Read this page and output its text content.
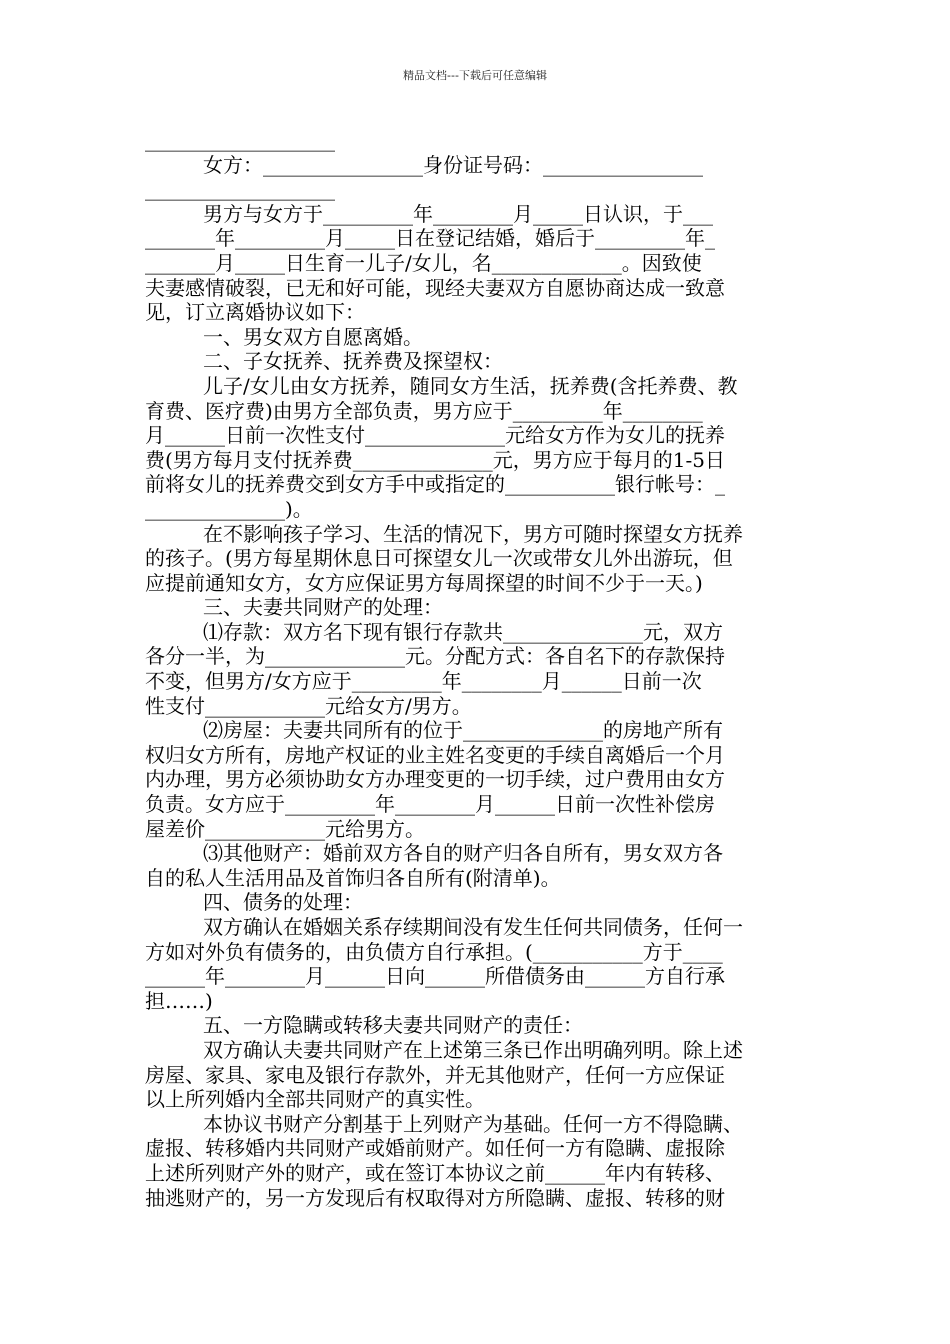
精品文档---下载后可任意编辑
___________________
女方：________________身份证号码：________________
___________________
男方与女方于_________年________月_____日认识，于___
_______年_________月_____日在登记结婚，婚后于_________年_
_______月_____日生育一儿子/女儿，名_____________。因致使
夫妻感情破裂，已无和好可能，现经夫妻双方自愿协商达成一致意
见，订立离婚协议如下：
一、男女双方自愿离婚。
二、子女抚养、抚养费及探望权：
儿子/女儿由女方抚养，随同女方生活，抚养费(含托养费、教
育费、医疗费)由男方全部负责，男方应于_________年________
月______日前一次性支付______________元给女方作为女儿的抚养
费(男方每月支付抚养费______________元，男方应于每月的1-5日
前将女儿的抚养费交到女方手中或指定的___________银行帐号：_
______________)。
在不影响孩子学习、生活的情况下，男方可随时探望女方抚养
的孩子。(男方每星期休息日可探望女儿一次或带女儿外出游玩，但
应提前通知女方，女方应保证男方每周探望的时间不少于一天。)
三、夫妻共同财产的处理：
⑴存款：双方名下现有银行存款共______________元，双方
各分一半，为______________元。分配方式：各自名下的存款保持
不变，但男方/女方应于_________年________月______日前一次
性支付____________元给女方/男方。
⑵房屋：夫妻共同所有的位于______________的房地产所有
权归女方所有，房地产权证的业主姓名变更的手续自离婚后一个月
内办理，男方必须协助女方办理变更的一切手续，过户费用由女方
负责。女方应于_________年________月______日前一次性补偿房
屋差价____________元给男方。
⑶其他财产：婚前双方各自的财产归各自所有，男女双方各
自的私人生活用品及首饰归各自所有(附清单)。
四、债务的处理：
双方确认在婚姻关系存续期间没有发生任何共同债务，任何一
方如对外负有债务的，由负债方自行承担。(___________方于____
______年________月______日向______所借债务由______方自行承
担……)
五、一方隐瞒或转移夫妻共同财产的责任：
双方确认夫妻共同财产在上述第三条已作出明确列明。除上述
房屋、家具、家电及银行存款外，并无其他财产，任何一方应保证
以上所列婚内全部共同财产的真实性。
本协议书财产分割基于上列财产为基础。任何一方不得隐瞒、
虚报、转移婚内共同财产或婚前财产。如任何一方有隐瞒、虚报除
上述所列财产外的财产，或在签订本协议之前______年内有转移、
抽逃财产的，另一方发现后有权取得对方所隐瞒、虚报、转移的财
